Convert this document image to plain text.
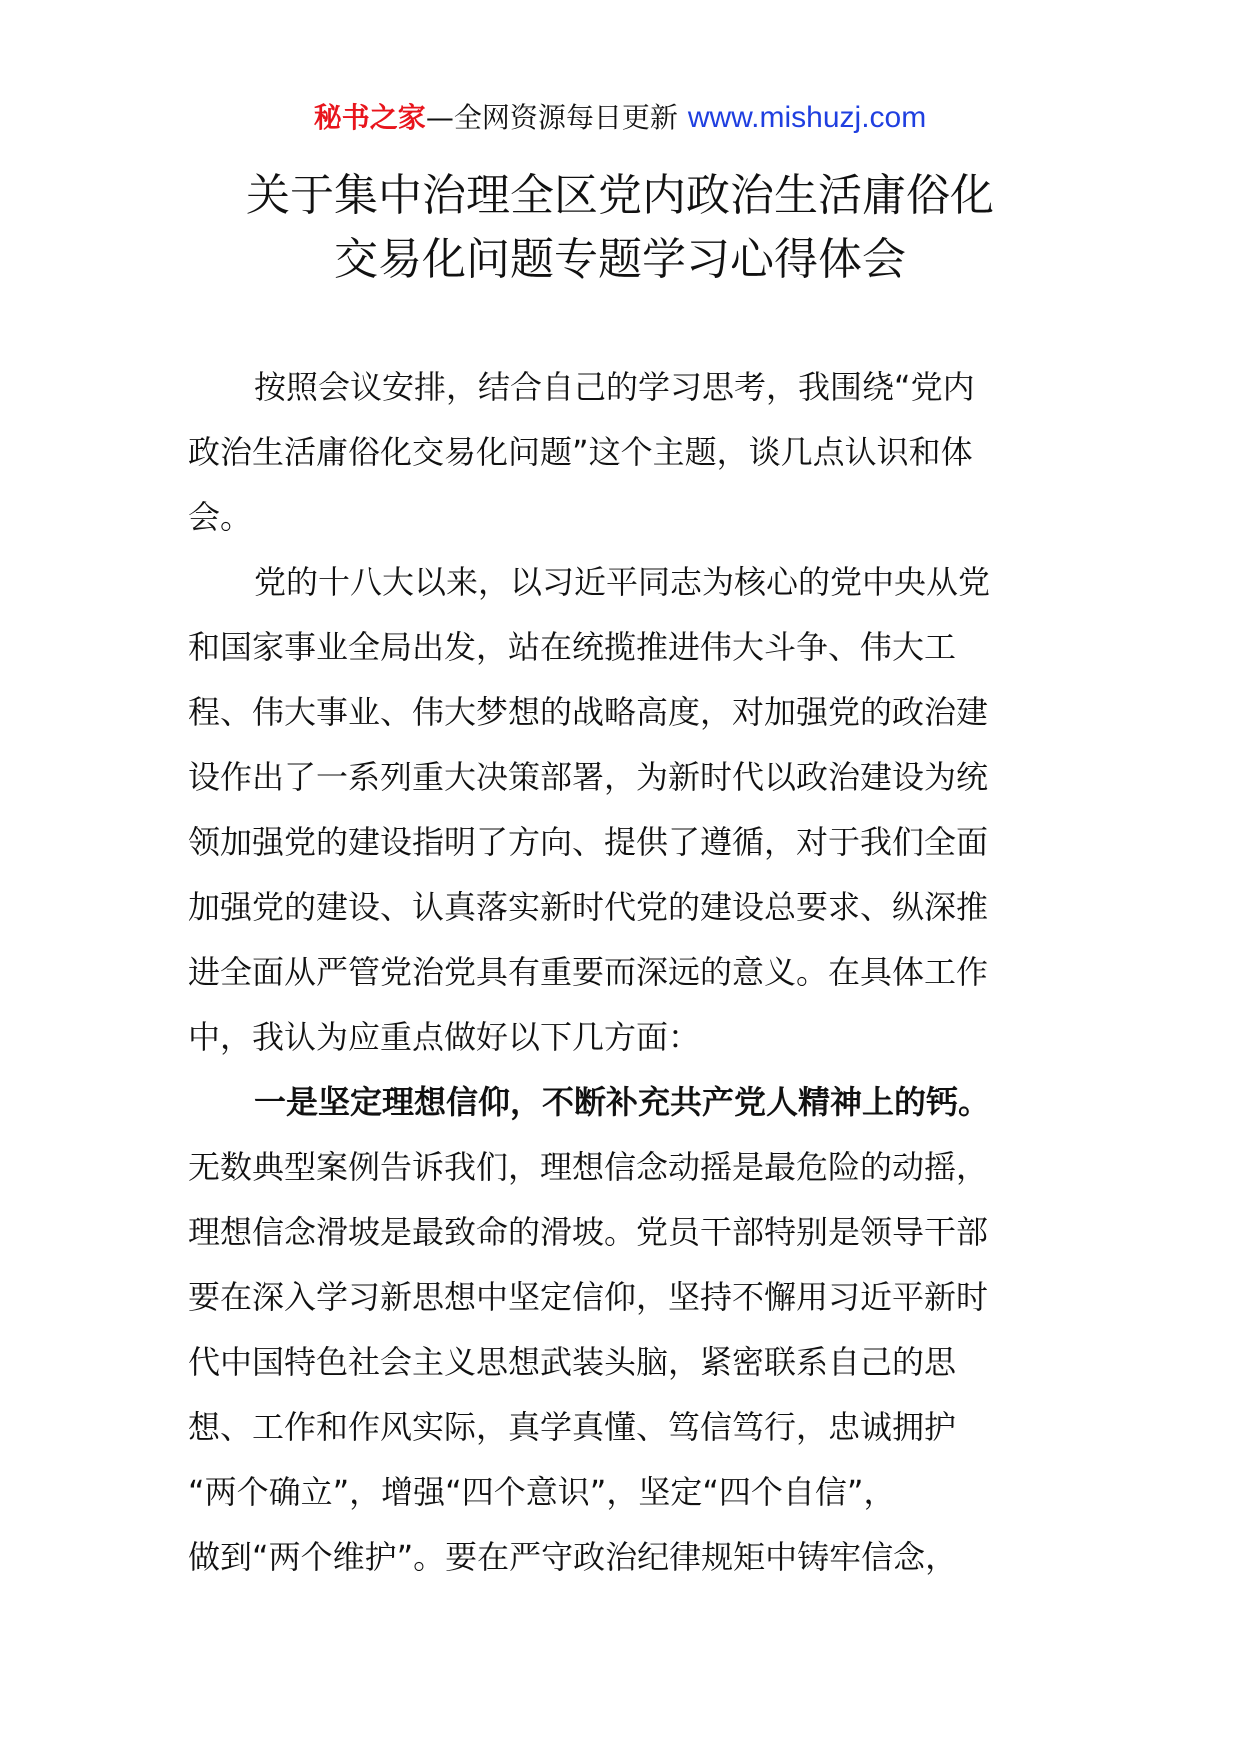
秘书之家—全网资源每日更新 www.mishuzj.com
关于集中治理全区党内政治生活庸俗化
交易化问题专题学习心得体会
按照会议安排，结合自己的学习思考，我围绕“党内
政治生活庸俗化交易化问题”这个主题，谈几点认识和体
会。
党的十八大以来，以习近平同志为核心的党中央从党
和国家事业全局出发，站在统揽推进伟大斗争、伟大工
程、伟大事业、伟大梦想的战略高度，对加强党的政治建
设作出了一系列重大决策部署，为新时代以政治建设为统
领加强党的建设指明了方向、提供了遵循，对于我们全面
加强党的建设、认真落实新时代党的建设总要求、纵深推
进全面从严管党治党具有重要而深远的意义。在具体工作
中，我认为应重点做好以下几方面：
一是坚定理想信仰，不断补充共产党人精神上的钙。
无数典型案例告诉我们，理想信念动摇是最危险的动摇，
理想信念滑坡是最致命的滑坡。党员干部特别是领导干部
要在深入学习新思想中坚定信仰，坚持不懈用习近平新时
代中国特色社会主义思想武装头脑，紧密联系自己的思
想、工作和作风实际，真学真懂、笃信笃行，忠诚拥护
“两个确立”，增强“四个意识”，坚定“四个自信”，
做到“两个维护”。要在严守政治纪律规矩中铸牢信念，
